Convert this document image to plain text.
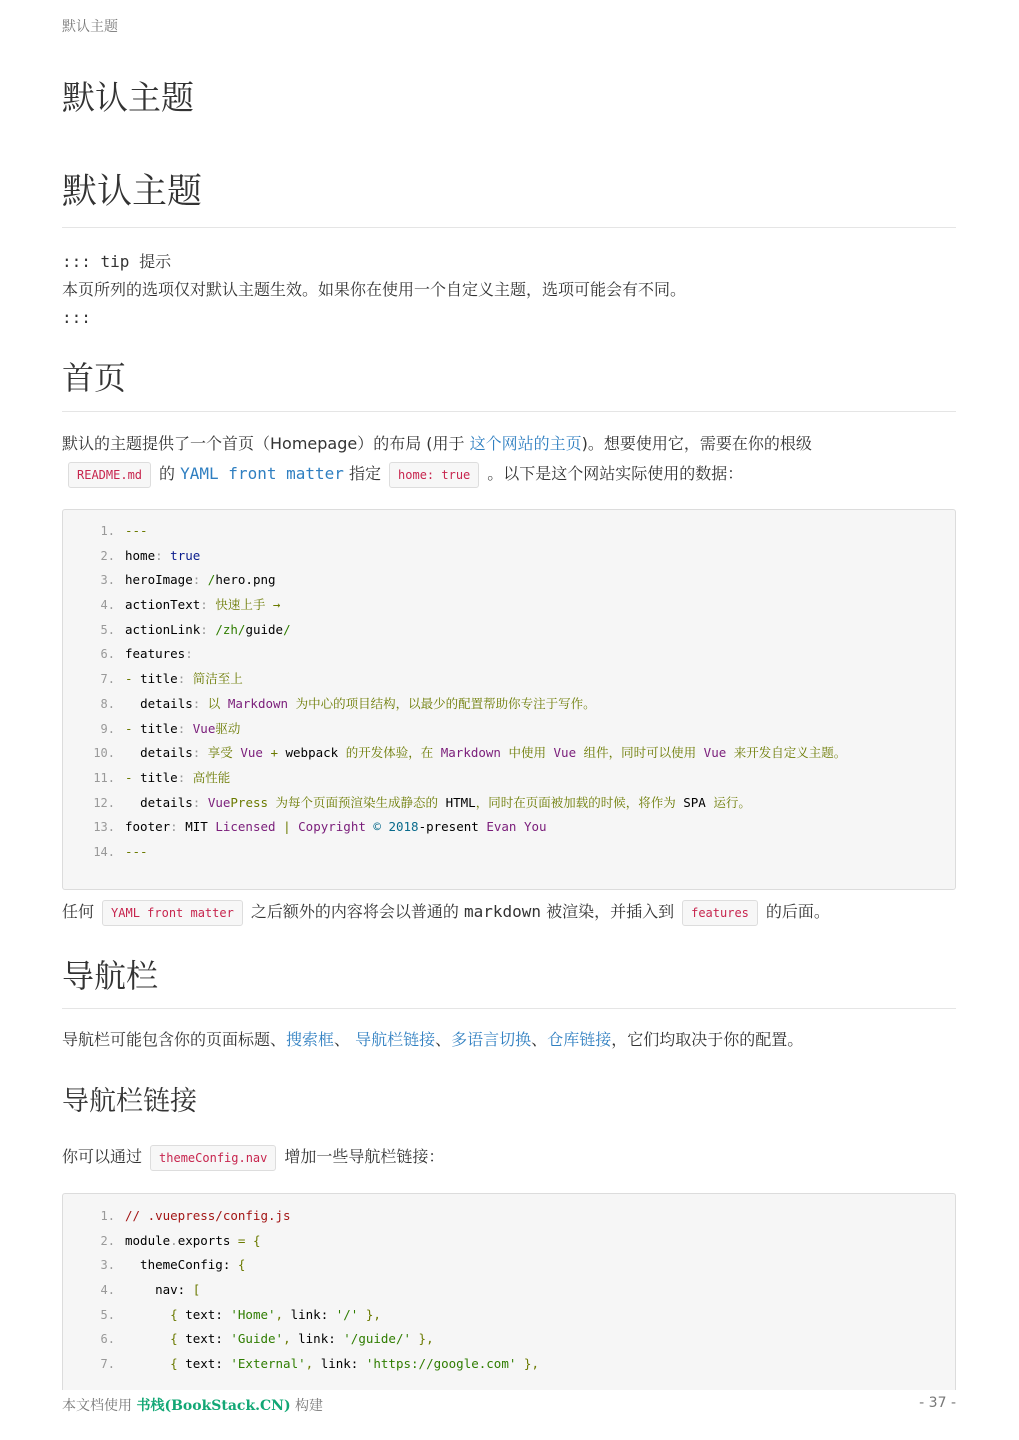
默认主题
默认主题
默认主题
::: tip 提示
本页所列的选项仅对默认主题生效。如果你在使用一个自定义主题，选项可能会有不同。
:::
首页
默认的主题提供了一个首页（Homepage）的布局 (用于 这个网站的主页)。想要使用它，需要在你的根级
README.md 的 YAML front matter 指定 home: true 。以下是这个网站实际使用的数据：
1. ---
2. home: true
3. heroImage: /hero.png
4. actionText: 快速上手 →
5. actionLink: /zh/guide/
6. features:
7. - title: 简洁至上
8.	details: 以 Markdown 为中心的项目结构，以最少的配置帮助你专注于写作。
9. - title: Vue驱动
10.	details: 享受 Vue + webpack 的开发体验，在 Markdown 中使用 Vue 组件，同时可以使用 Vue 来开发自定义主题。
11. - title: 高性能
12.	details: VuePress 为每个页面预渲染生成静态的 HTML，同时在页面被加载的时候，将作为 SPA 运行。
13. footer: MIT Licensed | Copyright © 2018-present Evan You
14. ---
任何 YAML front matter 之后额外的内容将会以普通的 markdown 被渲染，并插入到 features 的后面。
导航栏
导航栏可能包含你的页面标题、搜索框、 导航栏链接、多语言切换、仓库链接，它们均取决于你的配置。
导航栏链接
你可以通过 themeConfig.nav 增加一些导航栏链接：
1. // .vuepress/config.js
2. module.exports = {
3. themeConfig: {
4. nav: [
5.	{ text: 'Home', link: '/' },
6.	{ text: 'Guide', link: '/guide/' },
7.	{ text: 'External', link: 'https://google.com' },
本文档使用 书栈(BookStack.CN) 构建	- 37 -
